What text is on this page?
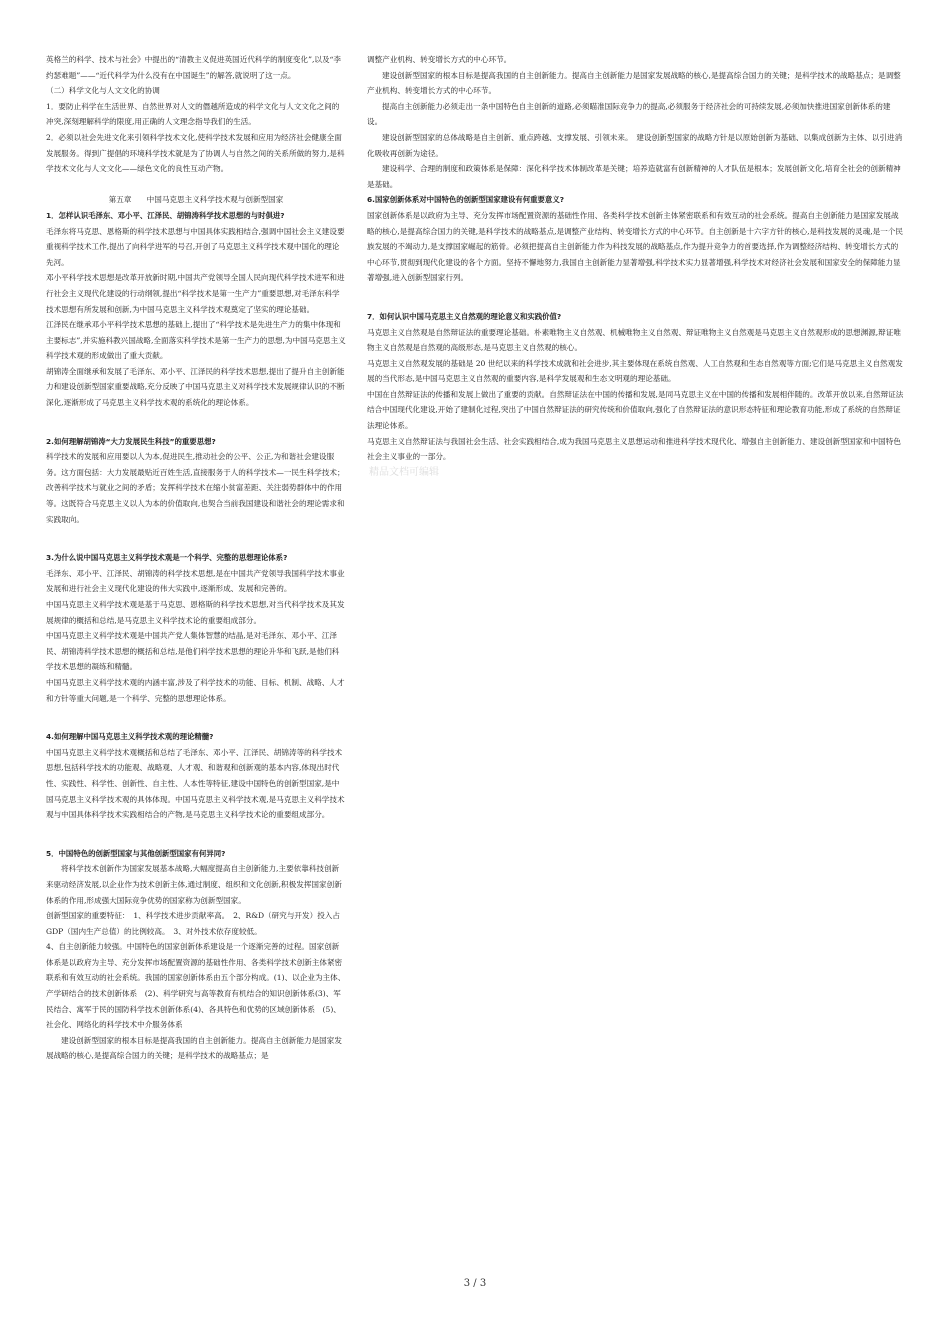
英格兰的科学、技术与社会》中提出的“清教主义促进英国近代科学的制度变化”,以及“李约瑟难题”——“近代科学为什么没有在中国诞生”的解答,就说明了这一点。

（二）科学文化与人文文化的协调

1．要防止科学在生活世界、自然世界对人文的僭越所造成的科学文化与人文文化之间的冲突,深刻理解科学的限度,用正确的人文理念指导我们的生活。

2．必须以社会先进文化来引领科学技术文化,使科学技术发展和应用为经济社会健康全面发展服务。得到广提倡的环境科学技术就是为了协调人与自然之间的关系所做的努力,是科学技术文化与人文文化——绿色文化的良性互动产物。

第五章　　中国马克思主义科学技术观与创新型国家

1．怎样认识毛泽东、邓小平、江泽民、胡锦涛科学技术思想的与时俱进?

毛泽东将马克思、恩格斯的科学技术思想与中国具体实践相结合,强调中国社会主义建设要重视科学技术工作,提出了向科学进军的号召,开创了马克思主义科学技术观中国化的理论先河。

邓小平科学技术思想是改革开放新时期,中国共产党领导全国人民向现代科学技术进军和进行社会主义现代化建设的行动纲领,提出“科学技术是第一生产力”重要思想,对毛泽东科学技术思想有所发展和创新,为中国马克思主义科学技术观奠定了坚实的理论基础。

江泽民在继承邓小平科学技术思想的基础上,提出了“科学技术是先进生产力的集中体现和主要标志”,并实施科教兴国战略,全面落实科学技术是第一生产力的思想,为中国马克思主义科学技术观的形成做出了重大贡献。

胡锦涛全面继承和发展了毛泽东、邓小平、江泽民的科学技术思想,提出了提升自主创新能力和建设创新型国家重要战略,充分反映了中国马克思主义对科学技术发展规律认识的不断深化,逐渐形成了马克思主义科学技术观的系统化的理论体系。

2.如何理解胡锦涛“大力发展民生科技”的重要思想?

科学技术的发展和应用要以人为本,促进民生,推动社会的公平、公正,为和谐社会建设服务。这方面包括：大力发展最贴近百姓生活,直接服务于人的科学技术—一民生科学技术；改善科学技术与就业之间的矛盾；发挥科学技术在缩小贫富差距、关注弱势群体中的作用等。这既符合马克思主义以人为本的价值取向,也契合当前我国建设和谐社会的理论需求和实践取向。

3.为什么说中国马克思主义科学技术观是一个科学、完整的思想理论体系?

毛泽东、邓小平、江泽民、胡锦涛的科学技术思想,是在中国共产党领导我国科学技术事业发展和进行社会主义现代化建设的伟大实践中,逐渐形成、发展和完善的。

中国马克思主义科学技术观是基于马克思、恩格斯的科学技术思想,对当代科学技术及其发展规律的概括和总结,是马克思主义科学技术论的重要组成部分。

中国马克思主义科学技术观是中国共产党人集体智慧的结晶,是对毛泽东、邓小平、江泽民、胡锦涛科学技术思想的概括和总结,是他们科学技术思想的理论升华和飞跃,是他们科学技术思想的凝练和精髓。

中国马克思主义科学技术观的内涵丰富,涉及了科学技术的功能、目标、机制、战略、人才和方针等重大问题,是一个科学、完整的思想理论体系。

4.如何理解中国马克思主义科学技术观的理论精髓?

中国马克思主义科学技术观概括和总结了毛泽东、邓小平、江泽民、胡锦涛等的科学技术思想,包括科学技术的功能观、战略观、人才观、和谐观和创新观的基本内容,体现出时代性、实践性、科学性、创新性、自主性、人本性等特征,建设中国特色的创新型国家,是中国马克思主义科学技术观的具体体现。中国马克思主义科学技术观,是马克思主义科学技术观与中国具体科学技术实践相结合的产物,是马克思主义科学技术论的重要组成部分。

5．中国特色的创新型国家与其他创新型国家有何异同?

将科学技术创新作为国家发展基本战略,大幅度提高自主创新能力,主要依靠科技创新来驱动经济发展,以企业作为技术创新主体,通过制度、组织和文化创新,积极发挥国家创新体系的作用,形成强大国际竞争优势的国家称为创新型国家。

创新型国家的重要特征：　1、科学技术进步贡献率高。　2、R&D（研究与开发）投入占 GDP（国内生产总值）的比例较高。　3、对外技术依存度较低。

4、自主创新能力较强。中国特色的国家创新体系建设是一个逐渐完善的过程。国家创新体系是以政府为主导、充分发挥市场配置资源的基础性作用、各类科学技术创新主体紧密联系和有效互动的社会系统。我国的国家创新体系由五个部分构成。(1)、以企业为主体、产学研结合的技术创新体系　(2)、科学研究与高等教育有机结合的知识创新体系(3)、军民结合、寓军于民的国防科学技术创新体系(4)、各具特色和优势的区域创新体系　(5)、社会化、网络化的科学技术中介服务体系

建设创新型国家的根本目标是提高我国的自主创新能力。提高自主创新能力是国家发展战略的核心,是提高综合国力的关键；是科学技术的战略基点；是

调整产业机构、转变增长方式的中心环节。

建设创新型国家的根本目标是提高我国的自主创新能力。提高自主创新能力是国家发展战略的核心,是提高综合国力的关键；是科学技术的战略基点；是调整产业机构、转变增长方式的中心环节。

提高自主创新能力必须走出一条中国特色自主创新的道路,必须瞄准国际竞争力的提高,必须服务于经济社会的可持续发展,必须加快推进国家创新体系的建设。

建设创新型国家的总体战略是自主创新、重点跨越、支撑发展、引领未来。　建设创新型国家的战略方针是以原始创新为基础、以集成创新为主体、以引进消化吸收再创新为途径。

建设科学、合理的制度和政策体系是保障：深化科学技术体制改革是关键；培养造就富有创新精神的人才队伍是根本；发展创新文化,培育全社会的创新精神是基础。

6.国家创新体系对中国特色的创新型国家建设有何重要意义?

国家创新体系是以政府为主导、充分发挥市场配置资源的基础性作用、各类科学技术创新主体紧密联系和有效互动的社会系统。提高自主创新能力是国家发展战略的核心,是提高综合国力的关键,是科学技术的战略基点,是调整产业结构、转变增长方式的中心环节。自主创新是十六字方针的核心,是科技发展的灵魂,是一个民族发展的不竭动力,是支撑国家崛起的筋骨。必须把提高自主创新能力作为科技发展的战略基点,作为提升竞争力的首要选择,作为调整经济结构、转变增长方式的中心环节,贯彻到现代化建设的各个方面。坚持不懈地努力,我国自主创新能力显著增强,科学技术实力显著增强,科学技术对经济社会发展和国家安全的保障能力显著增强,进入创新型国家行列。

7．如何认识中国马克思主义自然观的理论意义和实践价值?

马克思主义自然观是自然辩证法的重要理论基础。朴素唯物主义自然观、机械唯物主义自然观、辩证唯物主义自然观是马克思主义自然观形成的思想渊源,辩证唯物主义自然观是自然观的高级形态,是马克思主义自然观的核心。

马克思主义自然观发展的基础是 20 世纪以来的科学技术成就和社会进步,其主要体现在系统自然观、人工自然观和生态自然观等方面;它们是马克思主义自然观发展的当代形态,是中国马克思主义自然观的重要内容,是科学发展观和生态文明观的理论基础。

中国在自然辩证法的传播和发展上做出了重要的贡献。自然辩证法在中国的传播和发展,是同马克思主义在中国的传播和发展相伴随的。改革开放以来,自然辩证法结合中国现代化建设,开始了建制化过程,突出了中国自然辩证法的研究传统和价值取向,强化了自然辩证法的意识形态特征和理论教育功能,形成了系统的自然辩证法理论体系。

马克思主义自然辩证法与我国社会生活、社会实践相结合,成为我国马克思主义思想运动和推进科学技术现代化、增强自主创新能力、建设创新型国家和中国特色社会主义事业的一部分。

精品文档可编辑

3 / 3
